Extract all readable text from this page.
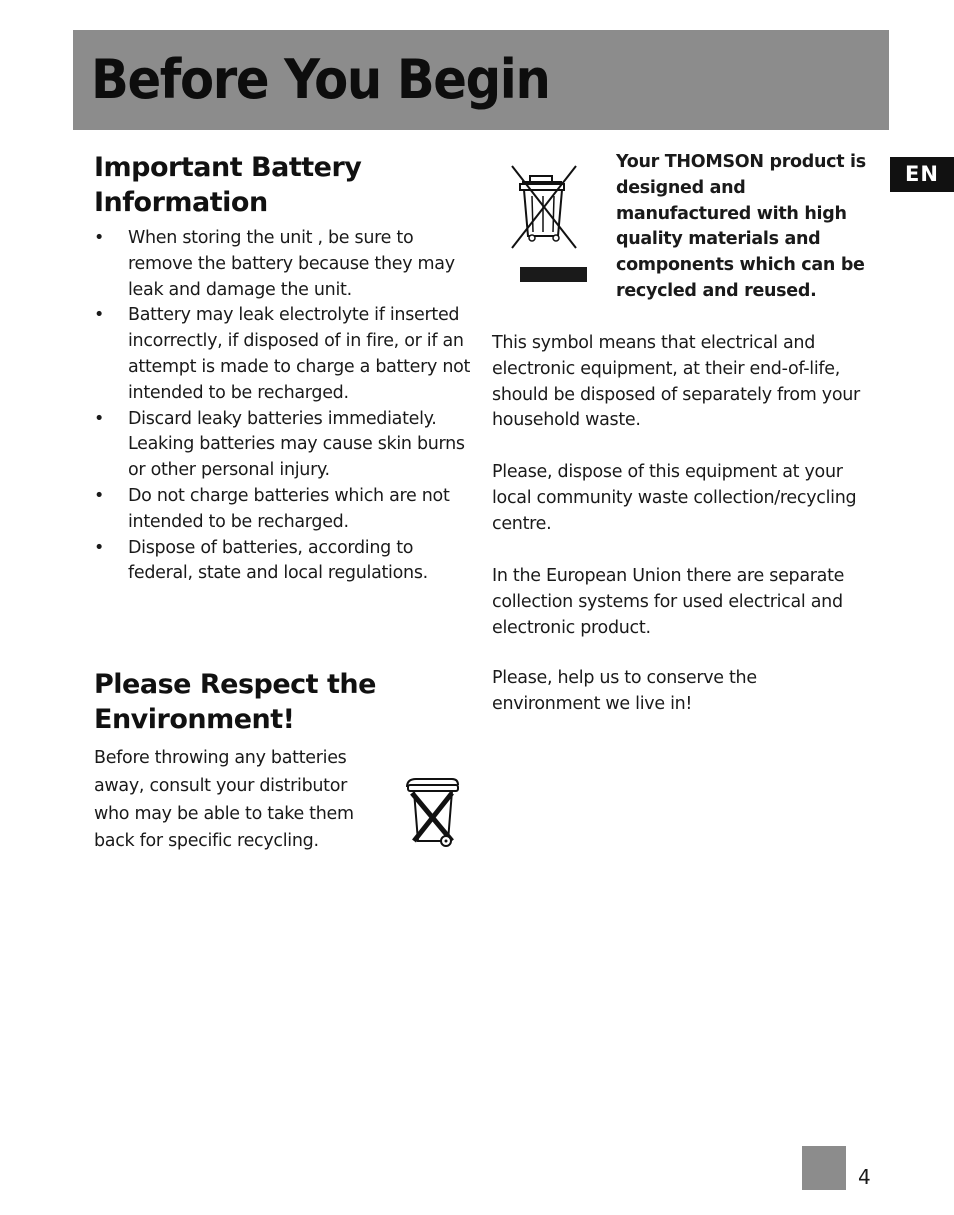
Before You Begin
EN
Important Battery Information
• When storing the unit , be sure to remove the battery because they may leak and damage the unit.
• Battery may leak electrolyte if inserted incorrectly, if disposed of in fire, or if an attempt is made to charge a battery not intended to be recharged.
• Discard leaky batteries immediately. Leaking batteries may cause skin burns or other personal injury.
• Do not charge batteries which are not intended to be recharged.
• Dispose of batteries, according to federal, state and local regulations.
Please Respect the Environment!

Before throwing any batteries away, consult your distributor who may be able to take them back for specific recycling.

Your THOMSON product is designed and manufactured with high quality materials and components which can be recycled and reused.

This symbol means that electrical and electronic equipment, at their end-of-life, should be disposed of separately from your household waste.

Please, dispose of this equipment at your local community waste collection/recycling centre.

In the European Union there are separate collection systems for used electrical and electronic product.

Please, help us to conserve the environment we live in!

4
